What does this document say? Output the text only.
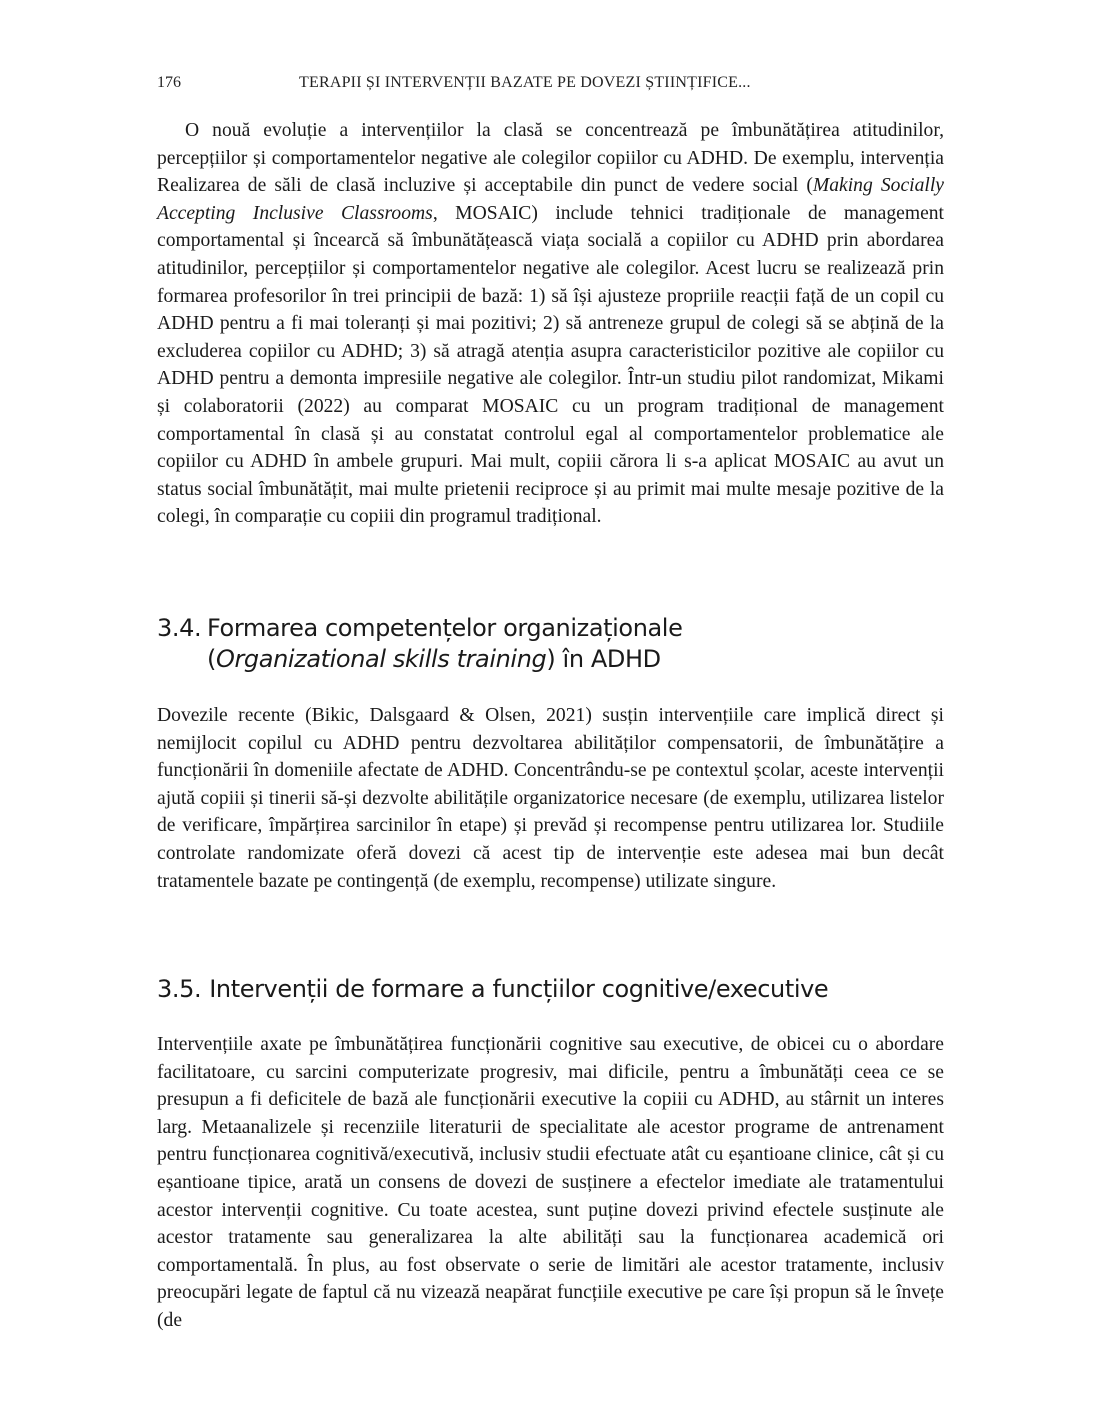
176	TERAPII ȘI INTERVENȚII BAZATE PE DOVEZI ȘTIINȚIFICE...

O nouă evoluție a intervențiilor la clasă se concentrează pe îmbunătățirea atitudinilor, percepțiilor și comportamentelor negative ale colegilor copiilor cu ADHD. De exemplu, intervenția Realizarea de săli de clasă incluzive și acceptabile din punct de vedere social (Making Socially Accepting Inclusive Classrooms, MOSAIC) include tehnici tradiționale de management comportamental și încearcă să îmbunătățească viața socială a copiilor cu ADHD prin abordarea atitudinilor, percepțiilor și comportamentelor negative ale colegilor. Acest lucru se realizează prin formarea profesorilor în trei principii de bază: 1) să își ajusteze propriile reacții față de un copil cu ADHD pentru a fi mai toleranți și mai pozitivi; 2) să antreneze grupul de colegi să se abțină de la excluderea copiilor cu ADHD; 3) să atragă atenția asupra caracteristicilor pozitive ale copiilor cu ADHD pentru a demonta impresiile negative ale colegilor. Într-un studiu pilot randomizat, Mikami și colaboratorii (2022) au comparat MOSAIC cu un program tradițional de management comportamental în clasă și au constatat controlul egal al comportamentelor problematice ale copiilor cu ADHD în ambele grupuri. Mai mult, copiii cărora li s-a aplicat MOSAIC au avut un status social îmbunătățit, mai multe prietenii reciproce și au primit mai multe mesaje pozitive de la colegi, în comparație cu copiii din programul tradițional.

3.4. Formarea competențelor organizaționale
(Organizational skills training) în ADHD

Dovezile recente (Bikic, Dalsgaard & Olsen, 2021) susțin intervențiile care implică direct și nemijlocit copilul cu ADHD pentru dezvoltarea abilităților compensatorii, de îmbunătățire a funcționării în domeniile afectate de ADHD. Concentrându-se pe contextul școlar, aceste intervenții ajută copiii și tinerii să-și dezvolte abilitățile organizatorice necesare (de exemplu, utilizarea listelor de verificare, împărțirea sarcinilor în etape) și prevăd și recompense pentru utilizarea lor. Studiile controlate randomizate oferă dovezi că acest tip de intervenție este adesea mai bun decât tratamentele bazate pe contingență (de exemplu, recompense) utilizate singure.

3.5. Intervenții de formare a funcțiilor cognitive/executive

Intervențiile axate pe îmbunătățirea funcționării cognitive sau executive, de obicei cu o abordare facilitatoare, cu sarcini computerizate progresiv, mai dificile, pentru a îmbunătăți ceea ce se presupun a fi deficitele de bază ale funcționării executive la copiii cu ADHD, au stârnit un interes larg. Metaanalizele și recenziile literaturii de specialitate ale acestor programe de antrenament pentru funcționarea cognitivă/executivă, inclusiv studii efectuate atât cu eșantioane clinice, cât și cu eșantioane tipice, arată un consens de dovezi de susținere a efectelor imediate ale tratamentului acestor intervenții cognitive. Cu toate acestea, sunt puține dovezi privind efectele susținute ale acestor tratamente sau generalizarea la alte abilități sau la funcționarea academică ori comportamentală. În plus, au fost observate o serie de limitări ale acestor tratamente, inclusiv preocupări legate de faptul că nu vizează neapărat funcțiile executive pe care își propun să le învețe (de
